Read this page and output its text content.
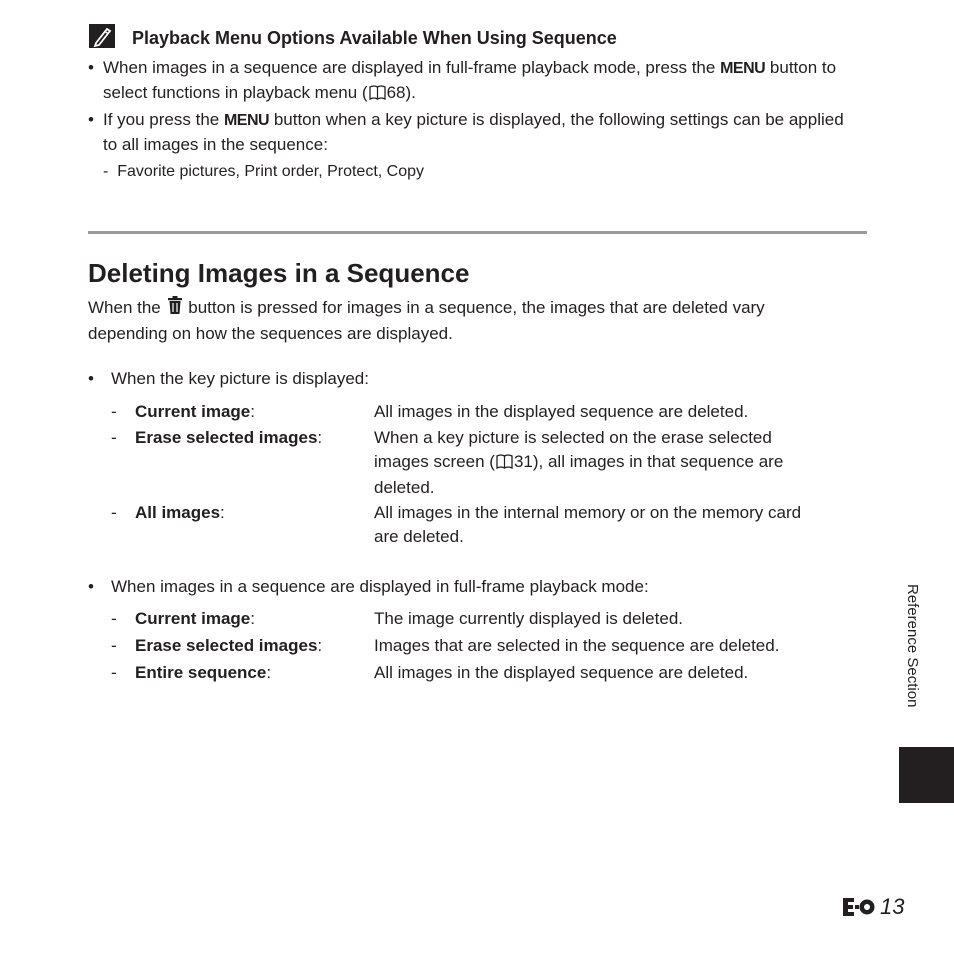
Playback Menu Options Available When Using Sequence
• When images in a sequence are displayed in full-frame playback mode, press the MENU button to
select functions in playback menu ( 68).
• If you press the MENU button when a key picture is displayed, the following settings can be applied
to all images in the sequence:
-  Favorite pictures, Print order, Protect, Copy
Deleting Images in a Sequence
When the button is pressed for images in a sequence, the images that are deleted vary
depending on how the sequences are displayed.
• When the key picture is displayed:
- Current image:	All images in the displayed sequence are deleted.
- Erase selected images:	When a key picture is selected on the erase selected
images screen ( 31), all images in that sequence are
deleted.
- All images:	All images in the internal memory or on the memory card
are deleted.
• When images in a sequence are displayed in full-frame playback mode:
- Current image:	The image currently displayed is deleted.
- Erase selected images:	Images that are selected in the sequence are deleted.
- Entire sequence:	All images in the displayed sequence are deleted.	Reference Section
13
